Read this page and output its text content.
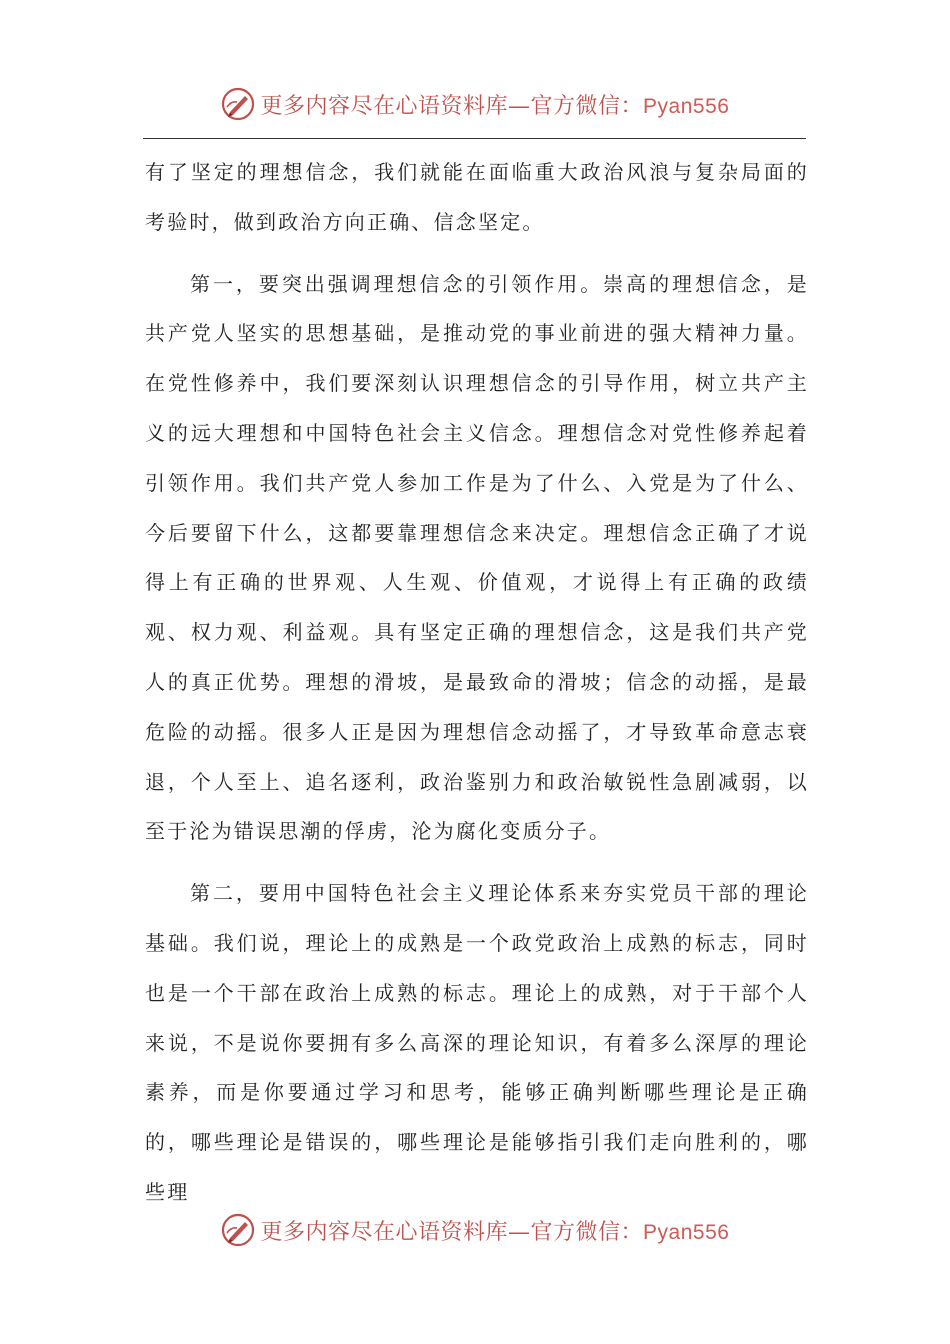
更多内容尽在心语资料库—官方微信：Pyan556

有了坚定的理想信念，我们就能在面临重大政治风浪与复杂局面的考验时，做到政治方向正确、信念坚定。

第一，要突出强调理想信念的引领作用。崇高的理想信念，是共产党人坚实的思想基础，是推动党的事业前进的强大精神力量。在党性修养中，我们要深刻认识理想信念的引导作用，树立共产主义的远大理想和中国特色社会主义信念。理想信念对党性修养起着引领作用。我们共产党人参加工作是为了什么、入党是为了什么、今后要留下什么，这都要靠理想信念来决定。理想信念正确了才说得上有正确的世界观、人生观、价值观，才说得上有正确的政绩观、权力观、利益观。具有坚定正确的理想信念，这是我们共产党人的真正优势。理想的滑坡，是最致命的滑坡；信念的动摇，是最危险的动摇。很多人正是因为理想信念动摇了，才导致革命意志衰退，个人至上、追名逐利，政治鉴别力和政治敏锐性急剧减弱，以至于沦为错误思潮的俘虏，沦为腐化变质分子。

第二，要用中国特色社会主义理论体系来夯实党员干部的理论基础。我们说，理论上的成熟是一个政党政治上成熟的标志，同时也是一个干部在政治上成熟的标志。理论上的成熟，对于干部个人来说，不是说你要拥有多么高深的理论知识，有着多么深厚的理论素养，而是你要通过学习和思考，能够正确判断哪些理论是正确的，哪些理论是错误的，哪些理论是能够指引我们走向胜利的，哪些理

更多内容尽在心语资料库—官方微信：Pyan556
